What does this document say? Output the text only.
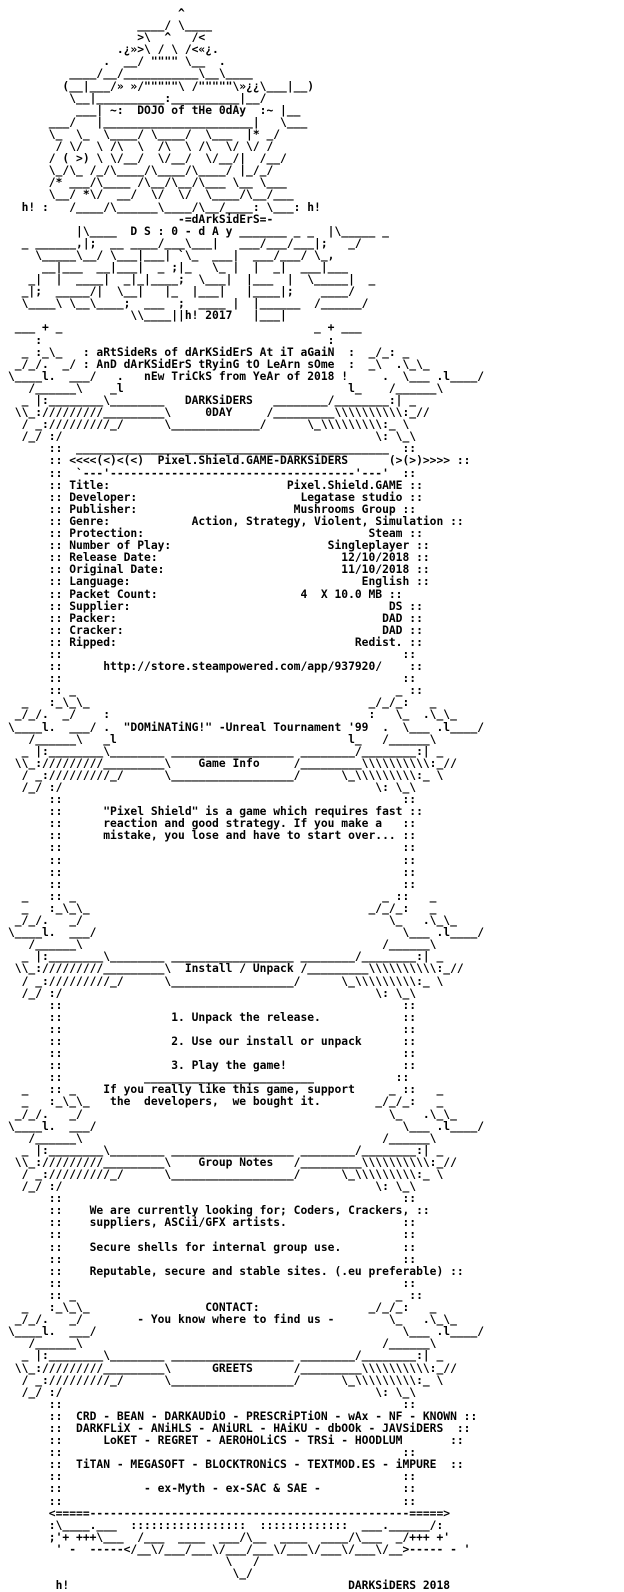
^
____/ \____
>\  ^   /<
.¿»>\ / \ /<«¿.
.  __/ """" \__  .
____/__/___________\__\____
(__|___/» »/"""""\ /"""""\»¿¿\___|__)
\__|__________:__________|__/
___| ~:  DOJO of tHe 0dAy  :~ |__
___/   |______________________|   \___
\_  \_  \____/ \____/  \___  |* _/
/ \/  \ /\  \  /\  \ /\  \/ \/ /
/ ( >) \ \/__/  \/__/  \/__/|  /__/
\_/\_ /_/\____/\____/\____/ |_/_/
/* ___/\____ /\__/\__/\___ \__ \___
\__/ *\/  __/  \/  \/  \____/\__/___
h! :   /____/\______\____/\__/____: \___: h!
-=dArkSidErS=-
|\____  D S : 0 - d A y _______ _ _  |\_____ _
_ ______,|;  __ ____/___\___|   ___/___/___|;   _/
\_____\__/ \___|___| `\_  ___|  ___/___/ \_,
__|___  __|___|  _ ;|_   \_ |  |  _|  ___|___
_|  |  ____|  _|_|____;  \___|  |___  |  \_____|  _
_|;  _____/|  \__|   |_  |___|   |____|;    ____/
\____\ \__\____;  ___  ;  ____ |  |______  /______/
\\____||h! 2017   |___|
___ + _                                     _ + ___
:                                          :
_ :_\_   : aRtSideRs of dArKSidErS At iT aGaiN  :  _/_: _
_/_/.  _/ : AnD dArKSidErS tRyinG tO LeArn sOme  :  _\  .\_\_
\____l.  ___/   .   nEw TriCkS from YeAr of 2018 !     .  \___ .l____/
/______\    _l                                 l_    /______\
_ |:________\________   DARKSiDERS   ________/________:| _
\\_://///////_________\     0DAY     /_________\\\\\\\\\\:_//
/ _://///////_/      \_____________/      \_\\\\\\\\\:_ \
/_/ :/                                              \: \_\
::  ______________________________________________  ::
:: <<<<(<)<(<)  Pixel.Shield.GAME-DARKSiDERS      (>(>)>>>> ::
::  `---'------------------------------------'---'  ::
:: Title:                          Pixel.Shield.GAME ::
:: Developer:                        Legatase studio ::
:: Publisher:                       Mushrooms Group ::
:: Genre:            Action, Strategy, Violent, Simulation ::
:: Protection:                                 Steam ::
:: Number of Play:                       Singleplayer ::
:: Release Date:                           12/10/2018 ::
:: Original Date:                          11/10/2018 ::
:: Language:                                  English ::
:: Packet Count:                     4  X 10.0 MB ::
:: Supplier:                                      DS ::
:: Packer:                                       DAD ::
:: Cracker:                                      DAD ::
:: Ripped:                                   Redist. ::
::                                                  ::
::      http://store.steampowered.com/app/937920/    ::
::                                                  ::
:: _                                               _ ::
_   :_\_\_                                         _/_/_:   _
_/_/.  _/    :                                      :   \_  .\_\_
\____l.  ___/ .  "DOMiNATiNG!" -Unreal Tournament '99  .  \___ .l____/
/______\   _l                                  l_   /______\
_ |:________\________ __________________ ________/________:| _
\\_://///////_________\    Game Info     /_________\\\\\\\\\\:_//
/ _://///////_/      \__________________/      \_\\\\\\\\\:_ \
/_/ :/                                              \: \_\
::                                                  ::
::      "Pixel Shield" is a game which requires fast ::
::      reaction and good strategy. If you make a   ::
::      mistake, you lose and have to start over... ::
::                                                  ::
::                                                  ::
::                                                  ::
::                                                  ::
_   :: _                                             _ ::   _
_   :_\_\_                                         _/_/_:   _
_/_/.   _/                                             \_   .\_\_
\____l.  ___/                                             \___ .l____/
/______\                                            /______\
_ |:________\________ __________________ ________/________:| _
\\_://///////_________\  Install / Unpack /_________\\\\\\\\\\:_//
/ _://///////_/      \__________________/      \_\\\\\\\\\:_ \
/_/ :/                                              \: \_\
::                                                  ::
::                1. Unpack the release.            ::
::                                                  ::
::                2. Use our install or unpack      ::
::                                                  ::
::                3. Play the game!                 ::
::            _________________________            ::
_   :: _    If you really like this game, support     _ ::   _
_   :_\_\_   the  developers,  we bought it.        _/_/_:   _
_/_/.   _/                                             \_   .\_\_
\____l.  ___/                                             \___ .l____/
/______\                                            /______\
_ |:________\________ __________________ ________/________:| _
\\_://///////_________\    Group Notes   /_________\\\\\\\\\\:_//
/ _://///////_/      \__________________/      \_\\\\\\\\\:_ \
/_/ :/                                              \: \_\
::                                                  ::
::    We are currently looking for; Coders, Crackers, ::
::    suppliers, ASCii/GFX artists.                 ::
::                                                  ::
::    Secure shells for internal group use.         ::
::                                                  ::
::    Reputable, secure and stable sites. (.eu preferable) ::
::                                                  ::
:: _                                               _ ::
_   :_\_\_                 CONTACT:                _/_/_:   _
_/_/.   _/        - You know where to find us -        \_   .\_\_
\____l.  ___/                                             \___ .l____/
/______\                                            /______\
_ |:________\________ __________________ ________/________:| _
\\_://///////_________\      GREETS      /_________\\\\\\\\\\:_//
/ _://///////_/      \__________________/      \_\\\\\\\\\:_ \
/_/ :/                                              \: \_\
::                                                  ::
::  CRD - BEAN - DARKAUDiO - PRESCRiPTiON - wAx - NF - KNOWN ::
::  DARKFLiX - ANiHLS - ANiURL - HAiKU - dbOOk - JAVSiDERS  ::
::      LoKET - REGRET - AEROHOLiCS - TRSi - HOODLUM       ::
::                                                  ::
::  TiTAN - MEGASOFT - BLOCKTRONiCS - TEXTMOD.ES - iMPURE  ::
::                                                  ::
::            - ex-Myth - ex-SAC & SAE -            ::
::                                                  ::
<=====-----------------------------------------------=====>
:\____.___  :::::::::::::::::  :::::::::::::  ___.______/:
;'+ +++\___  /___  ____  ___/\__  ____  ____/\___  _/+++ +'
' -  -----</__\/___/___\/___/___\/___\/___\/___\/__>----- - '
\   /
\_/
h!                                         DARKSiDERS 2018
